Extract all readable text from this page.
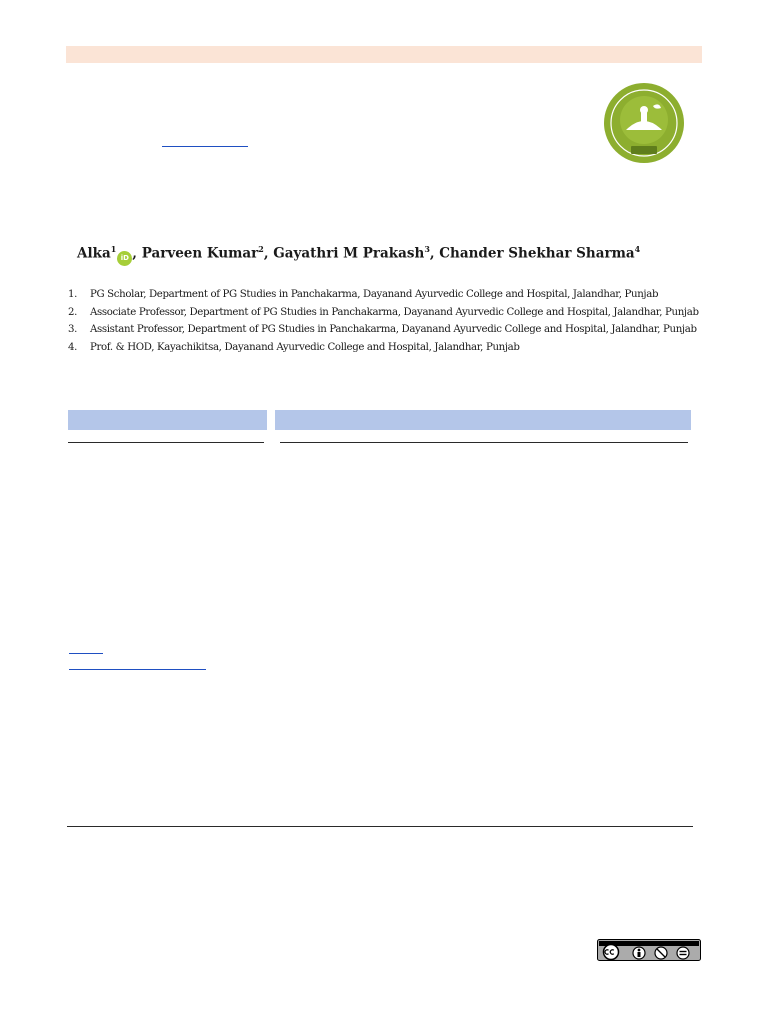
Alka$^1$iD , Parveen Kumar$^2$, Gayathri M Prakash$^3$, Chander Shekhar Sharma$^4$
1. PG Scholar, Department of PG Studies in Panchakarma, Dayanand Ayurvedic College and Hospital, Jalandhar, Punjab
2. Associate Professor, Department of PG Studies in Panchakarma, Dayanand Ayurvedic College and Hospital, Jalandhar, Punjab
3. Assistant Professor, Department of PG Studies in Panchakarma, Dayanand Ayurvedic College and Hospital, Jalandhar, Punjab
4. Prof. & HOD, Kayachikitsa, Dayanand Ayurvedic College and Hospital, Jalandhar, Punjab
